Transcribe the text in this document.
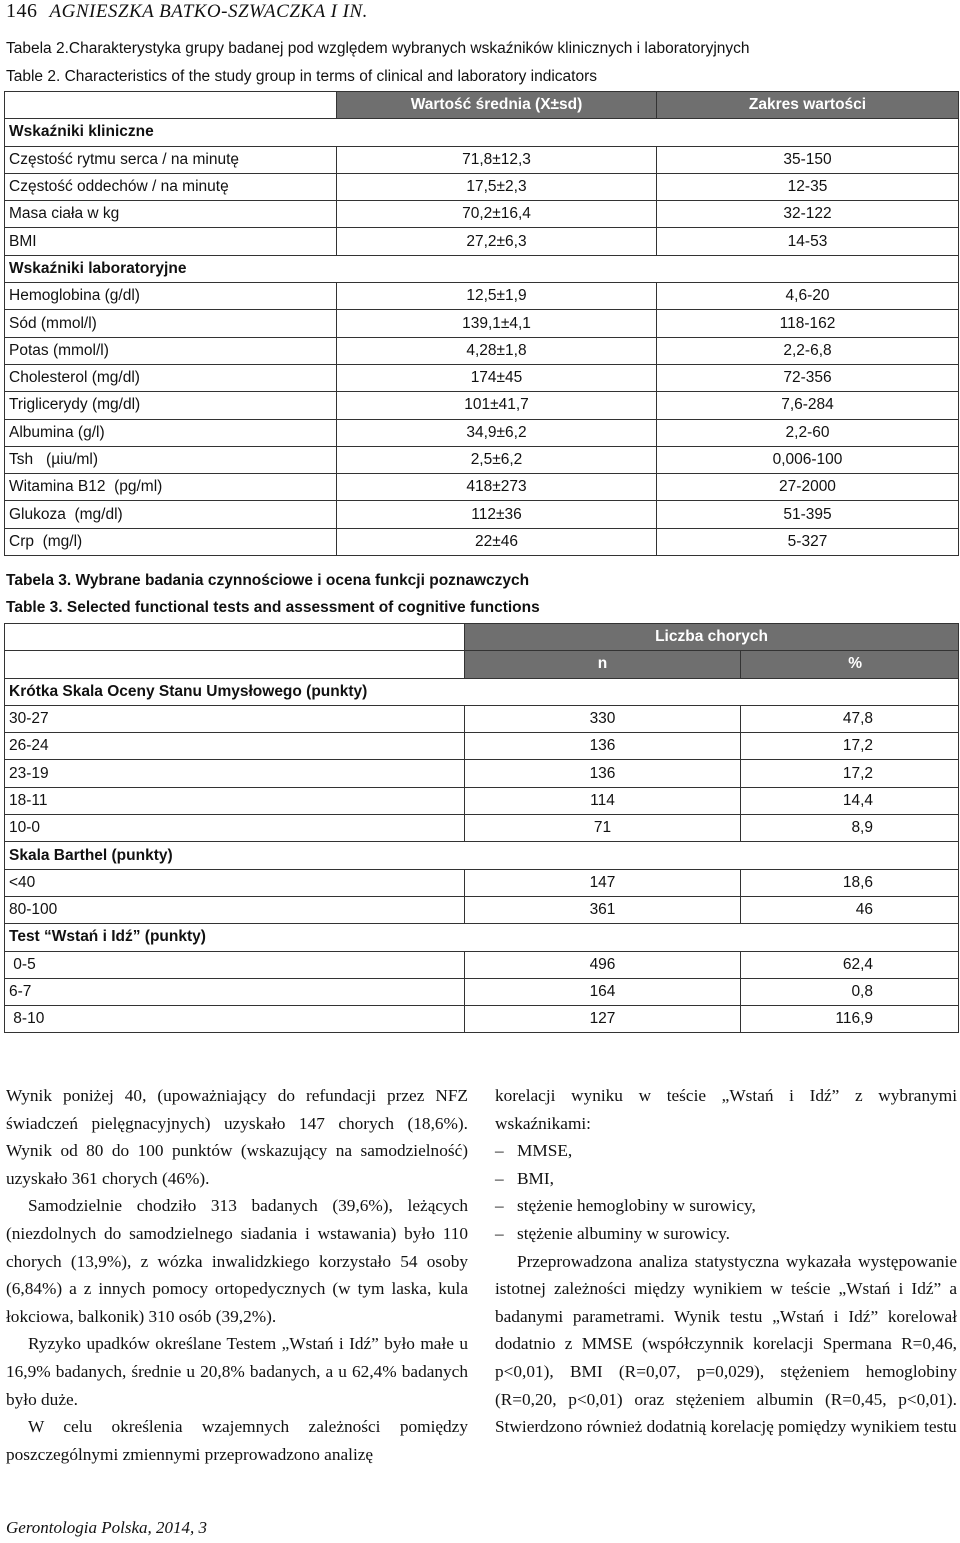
146 AGNIESZKA BATKO-SZWACZKA I IN.
Tabela 2.Charakterystyka grupy badanej pod względem wybranych wskaźników klinicznych i laboratoryjnych
Table 2. Characteristics of the study group in terms of clinical and laboratory indicators
	Wartość średnia (X±sd)	Zakres wartości
Wskaźniki kliniczne		
Częstość rytmu serca / na minutę	71,8±12,3	35-150
Częstość oddechów / na minutę	17,5±2,3	12-35
Masa ciała w kg	70,2±16,4	32-122
BMI	27,2±6,3	14-53
Wskaźniki laboratoryjne		
Hemoglobina (g/dl)	12,5±1,9	4,6-20
Sód (mmol/l)	139,1±4,1	118-162
Potas (mmol/l)	4,28±1,8	2,2-6,8
Cholesterol (mg/dl)	174±45	72-356
Triglicerydy (mg/dl)	101±41,7	7,6-284
Albumina (g/l)	34,9±6,2	2,2-60
Tsh   (µiu/ml)	2,5±6,2	0,006-100
Witamina B12  (pg/ml)	418±273	27-2000
Glukoza  (mg/dl)	112±36	51-395
Crp  (mg/l)	22±46	5-327
Tabela 3. Wybrane badania czynnościowe i ocena funkcji poznawczych
Table 3. Selected functional tests and assessment of cognitive functions
	Liczba chorych	
	n	%
Krótka Skala Oceny Stanu Umysłowego (punkty)		
30-27	330	47,8
26-24	136	17,2
23-19	136	17,2
18-11	114	14,4
10-0	71	8,9
Skala Barthel (punkty)		
<40	147	18,6
80-100	361	46
Test “Wstań i Idź” (punkty)		
0-5	496	62,4
6-7	164	0,8
8-10	127	116,9

Wynik poniżej 40, (upoważniający do refundacji przez NFZ świadczeń pielęgnacyjnych) uzyskało 147 chorych (18,6%). Wynik od 80 do 100 punktów (wskazujący na samodzielność) uzyskało 361 chorych (46%).

Samodzielnie chodziło 313 badanych (39,6%), leżących (niezdolnych do samodzielnego siadania i wstawania) było 110 chorych (13,9%), z wózka inwalidzkiego korzystało 54 osoby (6,84%) a z innych pomocy ortopedycznych (w tym laska, kula łokciowa, balkonik) 310 osób (39,2%).

Ryzyko upadków określane Testem „Wstań i Idź” było małe u 16,9% badanych, średnie u 20,8% badanych, a u 62,4% badanych było duże.

W celu określenia wzajemnych zależności pomiędzy poszczególnymi zmiennymi przeprowadzono analizę

korelacji wyniku w teście „Wstań i Idź” z wybranymi wskaźnikami:

– MMSE,
– BMI,
– stężenie hemoglobiny w surowicy,
– stężenie albuminy w surowicy.

Przeprowadzona analiza statystyczna wykazała występowanie istotnej zależności między wynikiem w teście „Wstań i Idź” a badanymi parametrami. Wynik testu „Wstań i Idź” korelował dodatnio z MMSE (współczynnik korelacji Spermana R=0,46, p<0,01), BMI (R=0,07, p=0,029), stężeniem hemoglobiny (R=0,20, p<0,01) oraz stężeniem albumin (R=0,45, p<0,01). Stwierdzono również dodatnią korelację pomiędzy wynikiem testu

Gerontologia Polska, 2014, 3
